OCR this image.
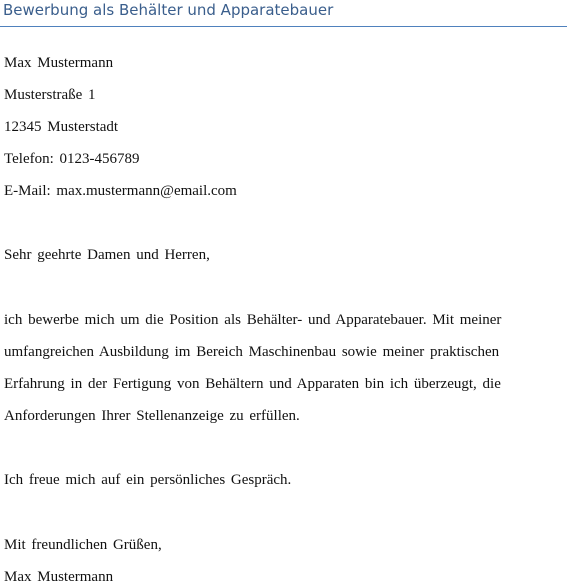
Bewerbung als Behälter und Apparatebauer
Max Mustermann
Musterstraße 1
12345 Musterstadt
Telefon: 0123-456789
E-Mail: max.mustermann@email.com
Sehr geehrte Damen und Herren,
ich bewerbe mich um die Position als Behälter- und Apparatebauer. Mit meiner
umfangreichen Ausbildung im Bereich Maschinenbau sowie meiner praktischen
Erfahrung in der Fertigung von Behältern und Apparaten bin ich überzeugt, die
Anforderungen Ihrer Stellenanzeige zu erfüllen.
Ich freue mich auf ein persönliches Gespräch.
Mit freundlichen Grüßen,
Max Mustermann
